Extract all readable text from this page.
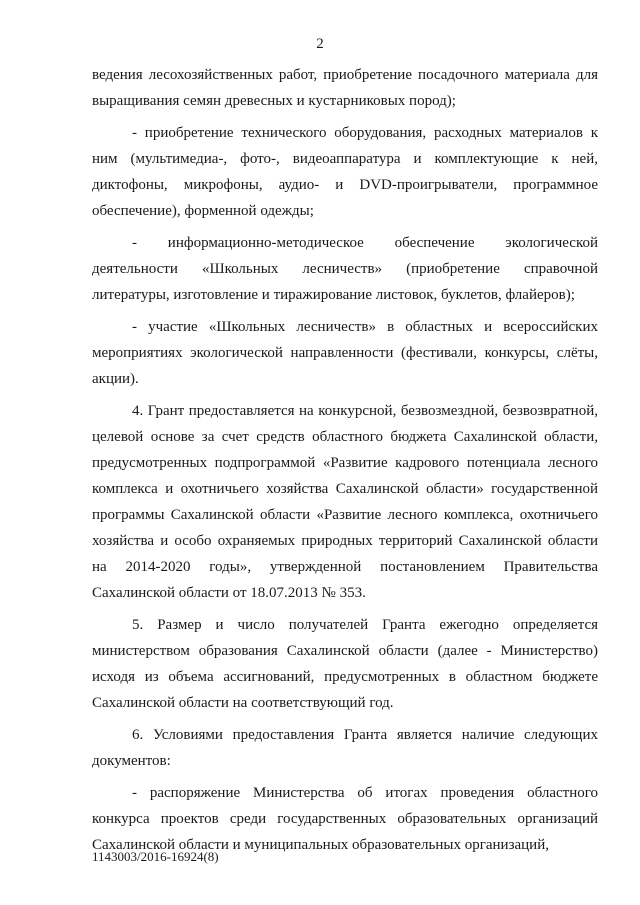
2

ведения лесохозяйственных работ, приобретение посадочного материала для выращивания семян древесных и кустарниковых пород);

- приобретение технического оборудования, расходных материалов к ним (мультимедиа-, фото-, видеоаппаратура и комплектующие к ней, диктофоны, микрофоны, аудио- и DVD-проигрыватели, программное обеспечение), форменной одежды;

- информационно-методическое обеспечение экологической деятельности «Школьных лесничеств» (приобретение справочной литературы, изготовление и тиражирование листовок, буклетов, флайеров);

- участие «Школьных лесничеств» в областных и всероссийских мероприятиях экологической направленности (фестивали, конкурсы, слёты, акции).

4. Грант предоставляется на конкурсной, безвозмездной, безвозвратной, целевой основе за счет средств областного бюджета Сахалинской области, предусмотренных подпрограммой «Развитие кадрового потенциала лесного комплекса и охотничьего хозяйства Сахалинской области» государственной программы Сахалинской области «Развитие лесного комплекса, охотничьего хозяйства и особо охраняемых природных территорий Сахалинской области на 2014-2020 годы», утвержденной постановлением Правительства Сахалинской области от 18.07.2013 № 353.

5. Размер и число получателей Гранта ежегодно определяется министерством образования Сахалинской области (далее - Министерство) исходя из объема ассигнований, предусмотренных в областном бюджете Сахалинской области на соответствующий год.

6. Условиями предоставления Гранта является наличие следующих документов:

- распоряжение Министерства об итогах проведения областного конкурса проектов среди государственных образовательных организаций Сахалинской области и муниципальных образовательных организаций,

1143003/2016-16924(8)
